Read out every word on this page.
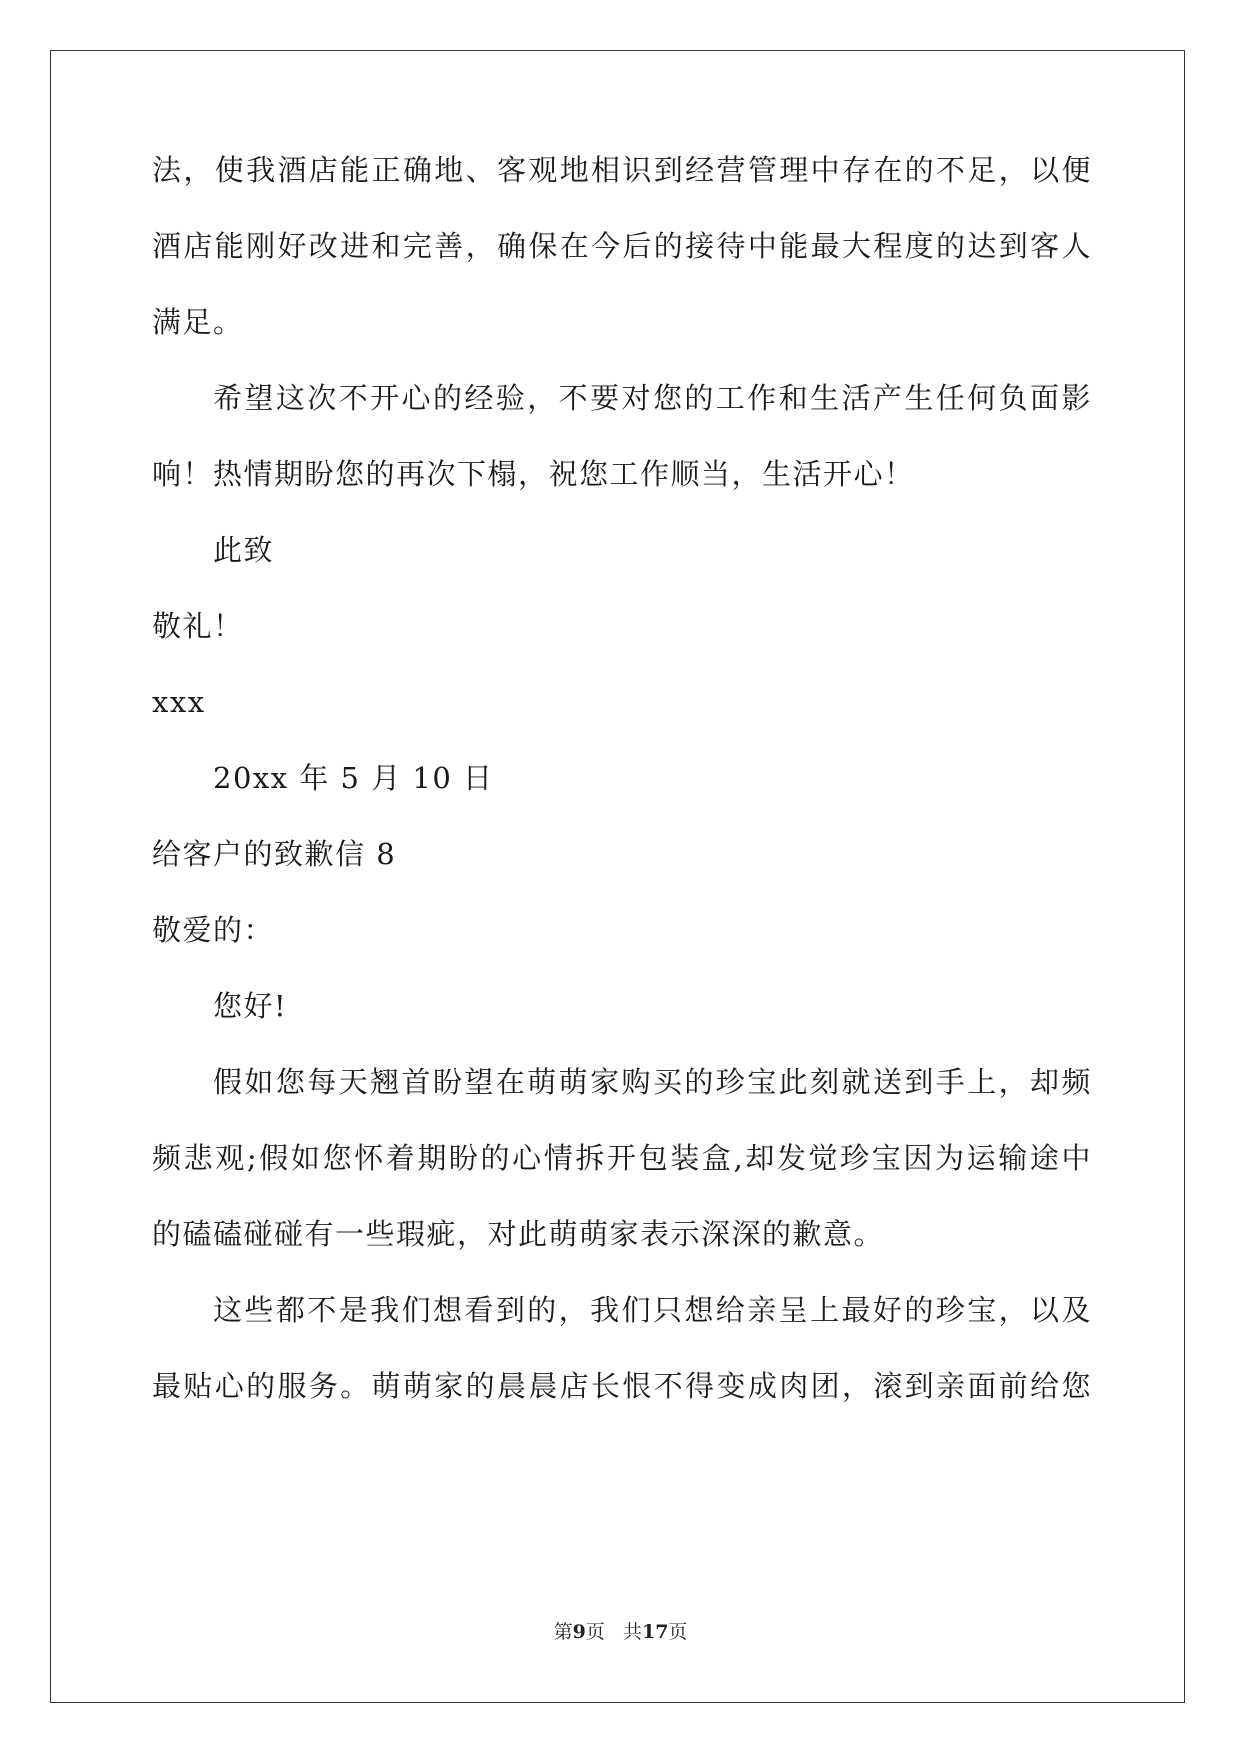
法，使我酒店能正确地、客观地相识到经营管理中存在的不足，以便
酒店能刚好改进和完善，确保在今后的接待中能最大程度的达到客人
满足。
希望这次不开心的经验，不要对您的工作和生活产生任何负面影
响！热情期盼您的再次下榻，祝您工作顺当，生活开心！
此致
敬礼！
xxx
20xx 年 5 月 10 日
给客户的致歉信 8
敬爱的：
您好!
假如您每天翘首盼望在萌萌家购买的珍宝此刻就送到手上，却频
频悲观;假如您怀着期盼的心情拆开包装盒,却发觉珍宝因为运输途中
的磕磕碰碰有一些瑕疵，对此萌萌家表示深深的歉意。
这些都不是我们想看到的，我们只想给亲呈上最好的珍宝，以及
最贴心的服务。萌萌家的晨晨店长恨不得变成肉团，滚到亲面前给您
第9页 共17页
